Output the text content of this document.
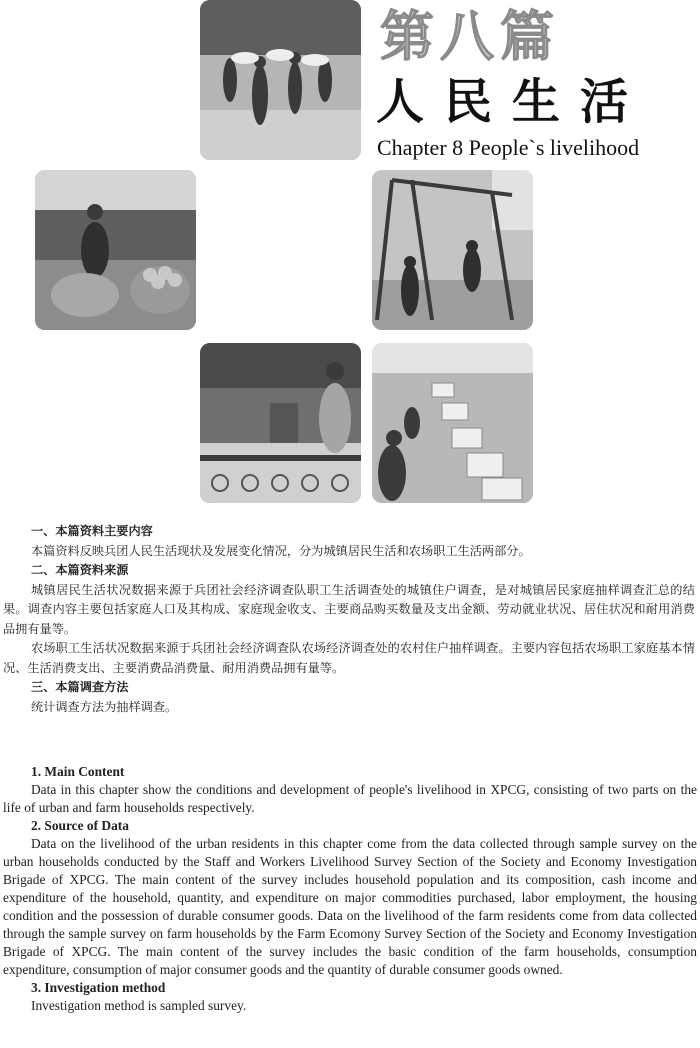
第八篇
人民生活

Chapter 8 People`s livelihood

一、本篇资料主要内容
本篇资料反映兵团人民生活现状及发展变化情况，分为城镇居民生活和农场职工生活两部分。
二、本篇资料来源
城镇居民生活状况数据来源于兵团社会经济调查队职工生活调查处的城镇住户调查，是对城镇居民家庭抽样调查汇总的结果。调查内容主要包括家庭人口及其构成、家庭现金收支、主要商品购买数量及支出金额、劳动就业状况、居住状况和耐用消费品拥有量等。
农场职工生活状况数据来源于兵团社会经济调查队农场经济调查处的农村住户抽样调查。主要内容包括农场职工家庭基本情况、生活消费支出、主要消费品消费量、耐用消费品拥有量等。
三、本篇调查方法
统计调查方法为抽样调查。
1. Main Content
Data in this chapter show the conditions and development of people's livelihood in XPCG, consisting of two parts on the life of urban and farm households respectively.
2. Source of Data
Data on the livelihood of the urban residents in this chapter come from the data collected through sample survey on the urban households conducted by the Staff and Workers Livelihood Survey Section of the Society and Economy Investigation Brigade of XPCG. The main content of the survey includes household population and its composition, cash income and expenditure of the household, quantity, and expenditure on major commodities purchased, labor employment, the housing condition and the possession of durable consumer goods. Data on the livelihood of the farm residents come from data collected through the sample survey on farm households by the Farm Ecomony Survey Section of the Society and Economy Investigation Brigade of XPCG. The main content of the survey includes the basic condition of the farm households, consumption expenditure, consumption of major consumer goods and the quantity of durable consumer goods owned.
3. Investigation method
Investigation method is sampled survey.
